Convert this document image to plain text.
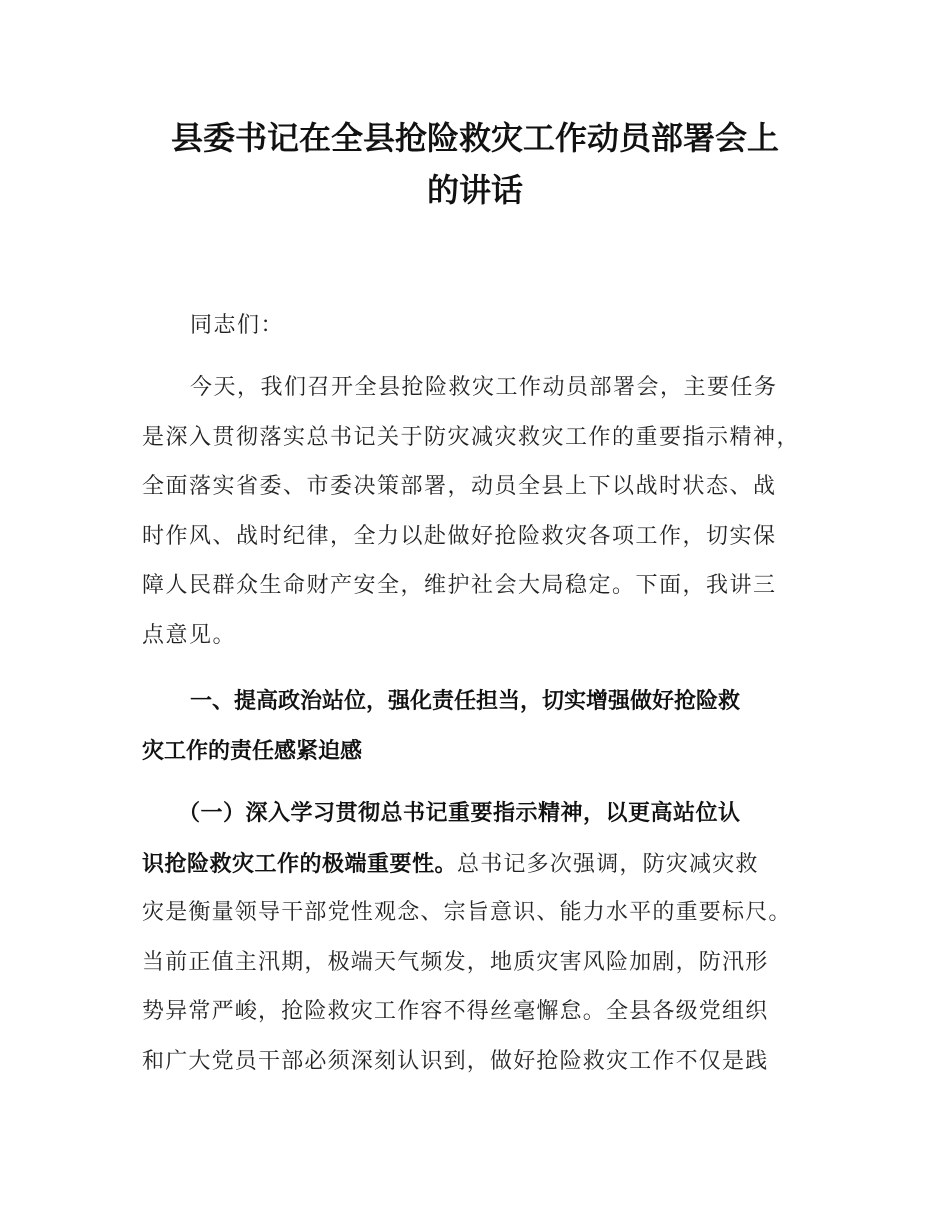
县委书记在全县抢险救灾工作动员部署会上
的讲话
同志们：
今天，我们召开全县抢险救灾工作动员部署会，主要任务
是深入贯彻落实总书记关于防灾减灾救灾工作的重要指示精神，
全面落实省委、市委决策部署，动员全县上下以战时状态、战
时作风、战时纪律，全力以赴做好抢险救灾各项工作，切实保
障人民群众生命财产安全，维护社会大局稳定。下面，我讲三
点意见。
一、提高政治站位，强化责任担当，切实增强做好抢险救
灾工作的责任感紧迫感
（一）深入学习贯彻总书记重要指示精神，以更高站位认
识抢险救灾工作的极端重要性。总书记多次强调，防灾减灾救
灾是衡量领导干部党性观念、宗旨意识、能力水平的重要标尺。
当前正值主汛期，极端天气频发，地质灾害风险加剧，防汛形
势异常严峻，抢险救灾工作容不得丝毫懈怠。全县各级党组织
和广大党员干部必须深刻认识到，做好抢险救灾工作不仅是践
